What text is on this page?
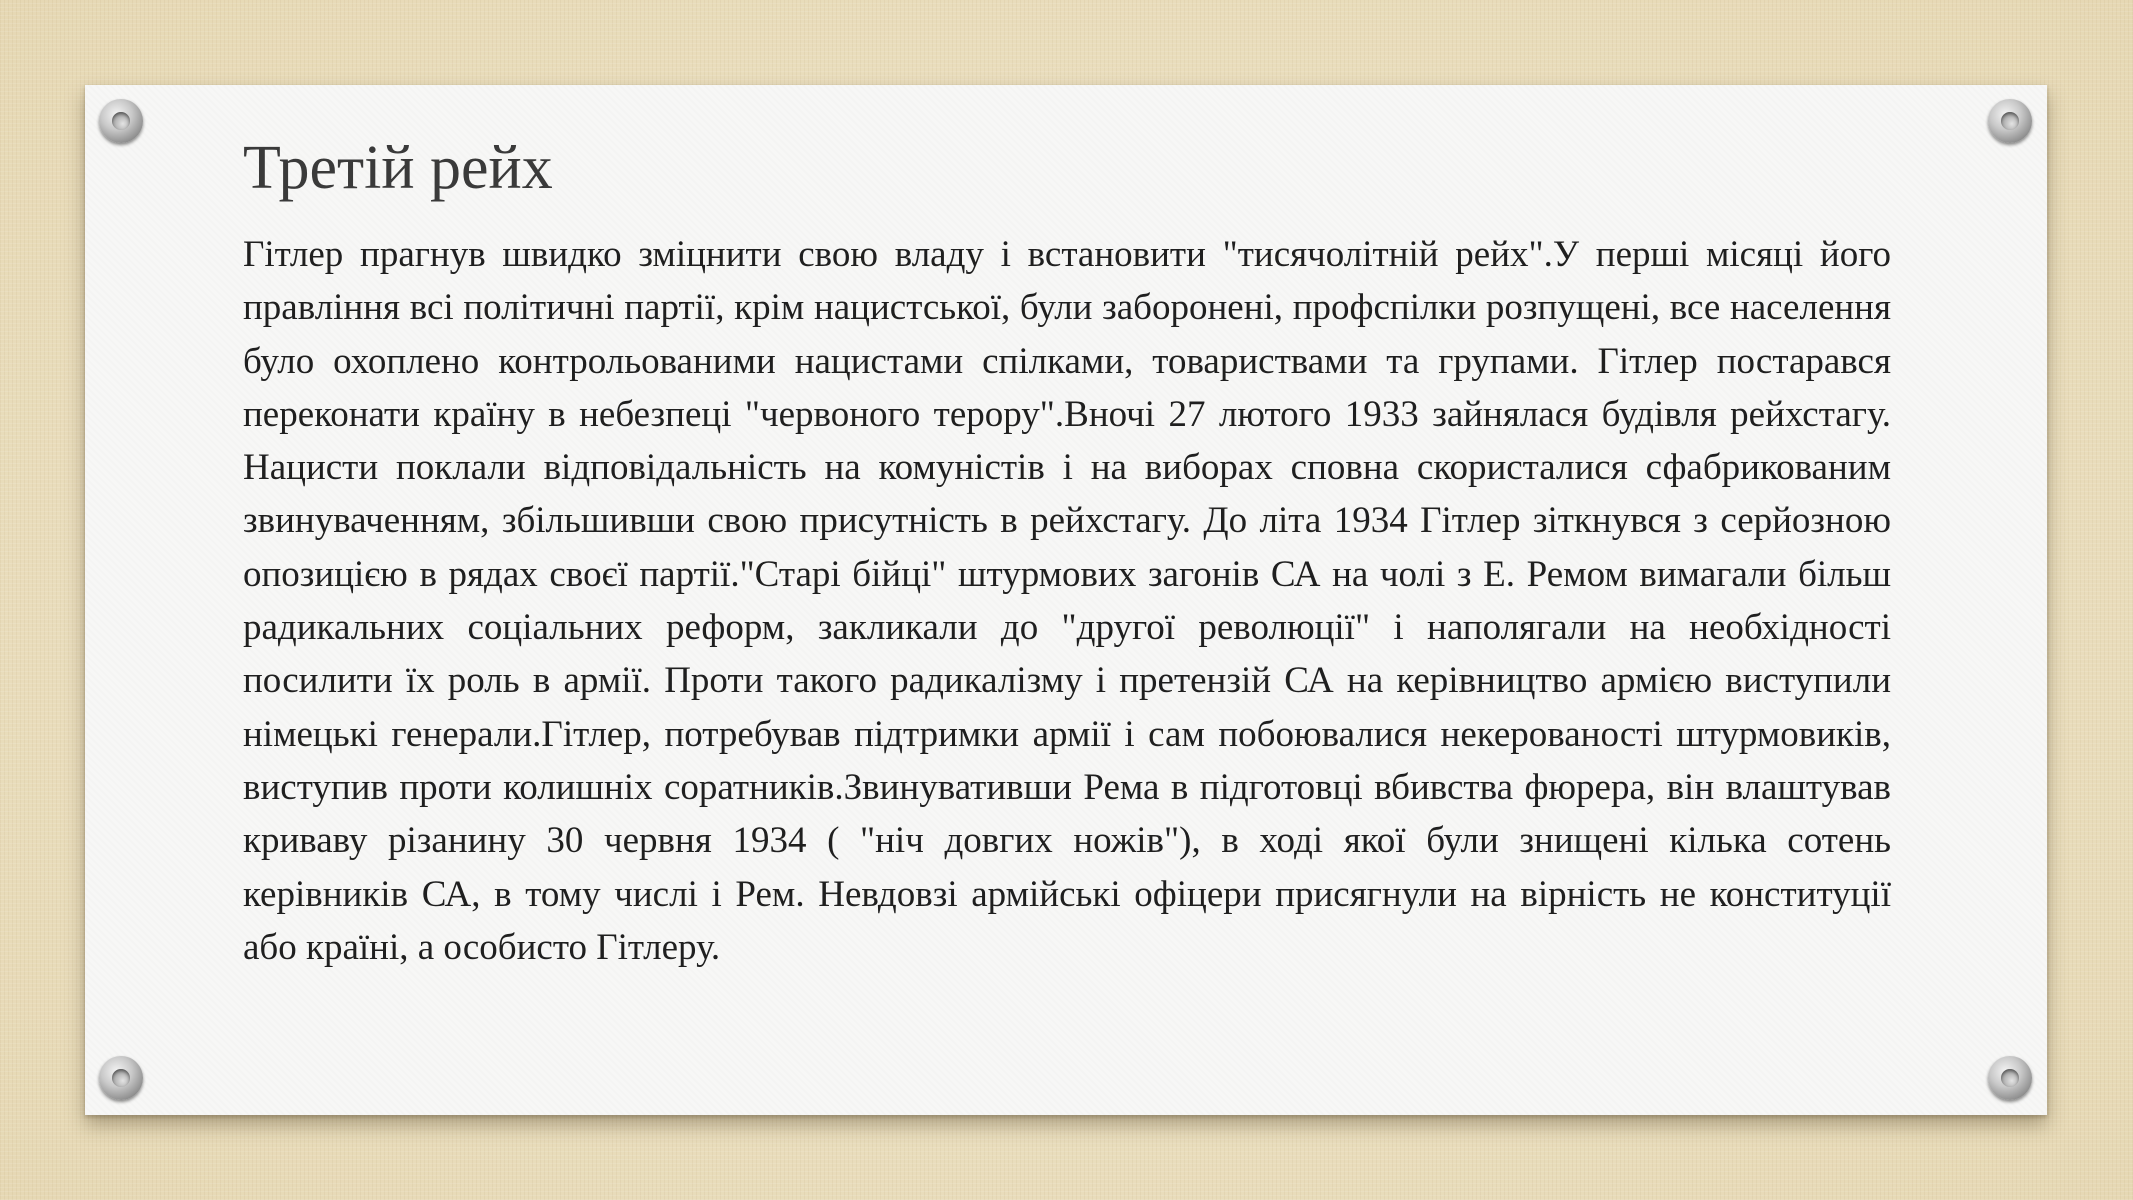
Третій рейх

Гітлер прагнув швидко зміцнити свою владу і встановити "тисячолітній рейх".У перші місяці його правління всі політичні партії, крім нацистської, були заборонені, профспілки розпущені, все населення було охоплено контрольованими нацистами спілками, товариствами та групами. Гітлер постарався переконати країну в небезпеці "червоного терору".Вночі 27 лютого 1933 зайнялася будівля рейхстагу. Нацисти поклали відповідальність на комуністів і на виборах сповна скористалися сфабрикованим звинуваченням, збільшивши свою присутність в рейхстагу. До літа 1934 Гітлер зіткнувся з серйозною опозицією в рядах своєї партії."Старі бійці" штурмових загонів СА на чолі з Е. Ремом вимагали більш радикальних соціальних реформ, закликали до "другої революції" і наполягали на необхідності посилити їх роль в армії. Проти такого радикалізму і претензій СА на керівництво армією виступили німецькі генерали.Гітлер, потребував підтримки армії і сам побоювалися некерованості штурмовиків, виступив проти колишніх соратників.Звинувативши Рема в підготовці вбивства фюрера, він влаштував криваву різанину 30 червня 1934 ( "ніч довгих ножів"), в ході якої були знищені кілька сотень керівників СА, в тому числі і Рем. Невдовзі армійські офіцери присягнули на вірність не конституції або країні, а особисто Гітлеру.
